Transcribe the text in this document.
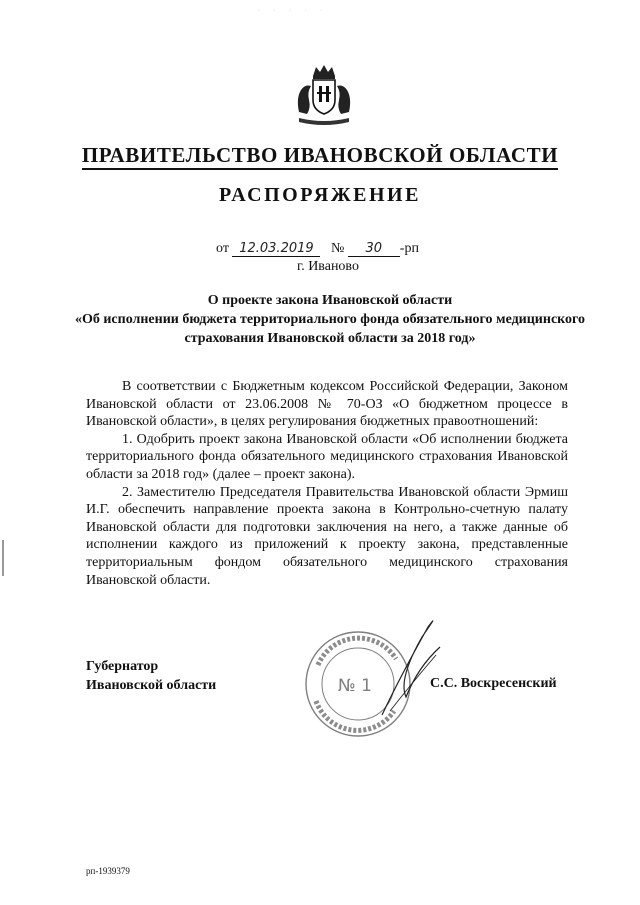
· · · · ·
ПРАВИТЕЛЬСТВО ИВАНОВСКОЙ ОБЛАСТИ
РАСПОРЯЖЕНИЕ
от 12.03.2019 № 30 -рп
г. Иваново
О проекте закона Ивановской области
«Об исполнении бюджета территориального фонда обязательного медицинского страхования Ивановской области за 2018 год»

В соответствии с Бюджетным кодексом Российской Федерации, Законом Ивановской области от 23.06.2008 № 70-ОЗ «О бюджетном процессе в Ивановской области», в целях регулирования бюджетных правоотношений:

1. Одобрить проект закона Ивановской области «Об исполнении бюджета территориального фонда обязательного медицинского страхования Ивановской области за 2018 год» (далее – проект закона).

2. Заместителю Председателя Правительства Ивановской области Эрмиш И.Г. обеспечить направление проекта закона в Контрольно-счетную палату Ивановской области для подготовки заключения на него, а также данные об исполнении каждого из приложений к проекту закона, представленные территориальным фондом обязательного медицинского страхования Ивановской области.

Губернатор
Ивановской области	№ 1	С.С. Воскресенский
рп-1939379
